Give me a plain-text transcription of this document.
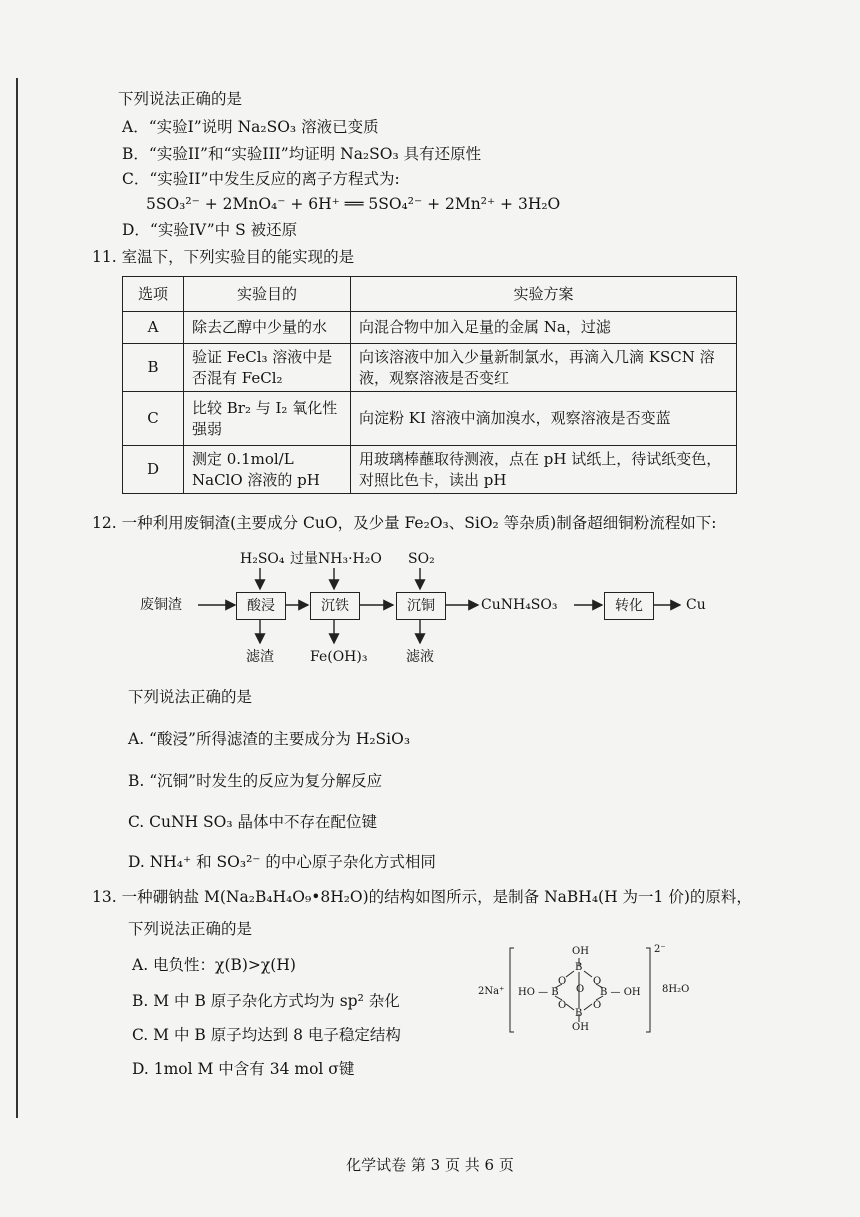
下列说法正确的是
A．“实验I”说明 Na₂SO₃ 溶液已变质
B．“实验II”和“实验III”均证明 Na₂SO₃ 具有还原性
C．“实验II”中发生反应的离子方程式为:
5SO₃²⁻ + 2MnO₄⁻ + 6H⁺ ══ 5SO₄²⁻ + 2Mn²⁺ + 3H₂O
D．“实验IV”中 S 被还原
11. 室温下，下列实验目的能实现的是
选项	实验目的	实验方案
A	除去乙醇中少量的水	向混合物中加入足量的金属 Na，过滤
B	验证 FeCl₃ 溶液中是否混有 FeCl₂	向该溶液中加入少量新制氯水，再滴入几滴 KSCN 溶液，观察溶液是否变红
C	比较 Br₂ 与 I₂ 氧化性强弱	向淀粉 KI 溶液中滴加溴水，观察溶液是否变蓝
D	测定 0.1mol/L NaClO 溶液的 pH	用玻璃棒蘸取待测液，点在 pH 试纸上，待试纸变色，对照比色卡，读出 pH
12. 一种利用废铜渣(主要成分 CuO，及少量 Fe₂O₃、SiO₂ 等杂质)制备超细铜粉流程如下:
废铜渣	酸浸	沉铁	沉铜	CuNH₄SO₃	转化	Cu
H₂SO₄ 过量NH₃·H₂O SO₂
滤渣	Fe(OH)₃	滤液
下列说法正确的是
A. “酸浸”所得滤渣的主要成分为 H₂SiO₃
B. “沉铜”时发生的反应为复分解反应
C. CuNH SO₃ 晶体中不存在配位键
D. NH₄⁺ 和 SO₃²⁻ 的中心原子杂化方式相同
13. 一种硼钠盐 M(Na₂B₄H₄O₉•8H₂O)的结构如图所示，是制备 NaBH₄(H 为一1 价)的原料，
下列说法正确的是
A. 电负性：χ(B)>χ(H)
B. M 中 B 原子杂化方式均为 sp² 杂化
C. M 中 B 原子均达到 8 电子稳定结构
D. 1mol M 中含有 34 mol σ键
2Na⁺
2⁻
8H₂O
OH
B
O	O
O
HO — B	B — OH
O	O
B
OH
化学试卷 第 3 页 共 6 页
